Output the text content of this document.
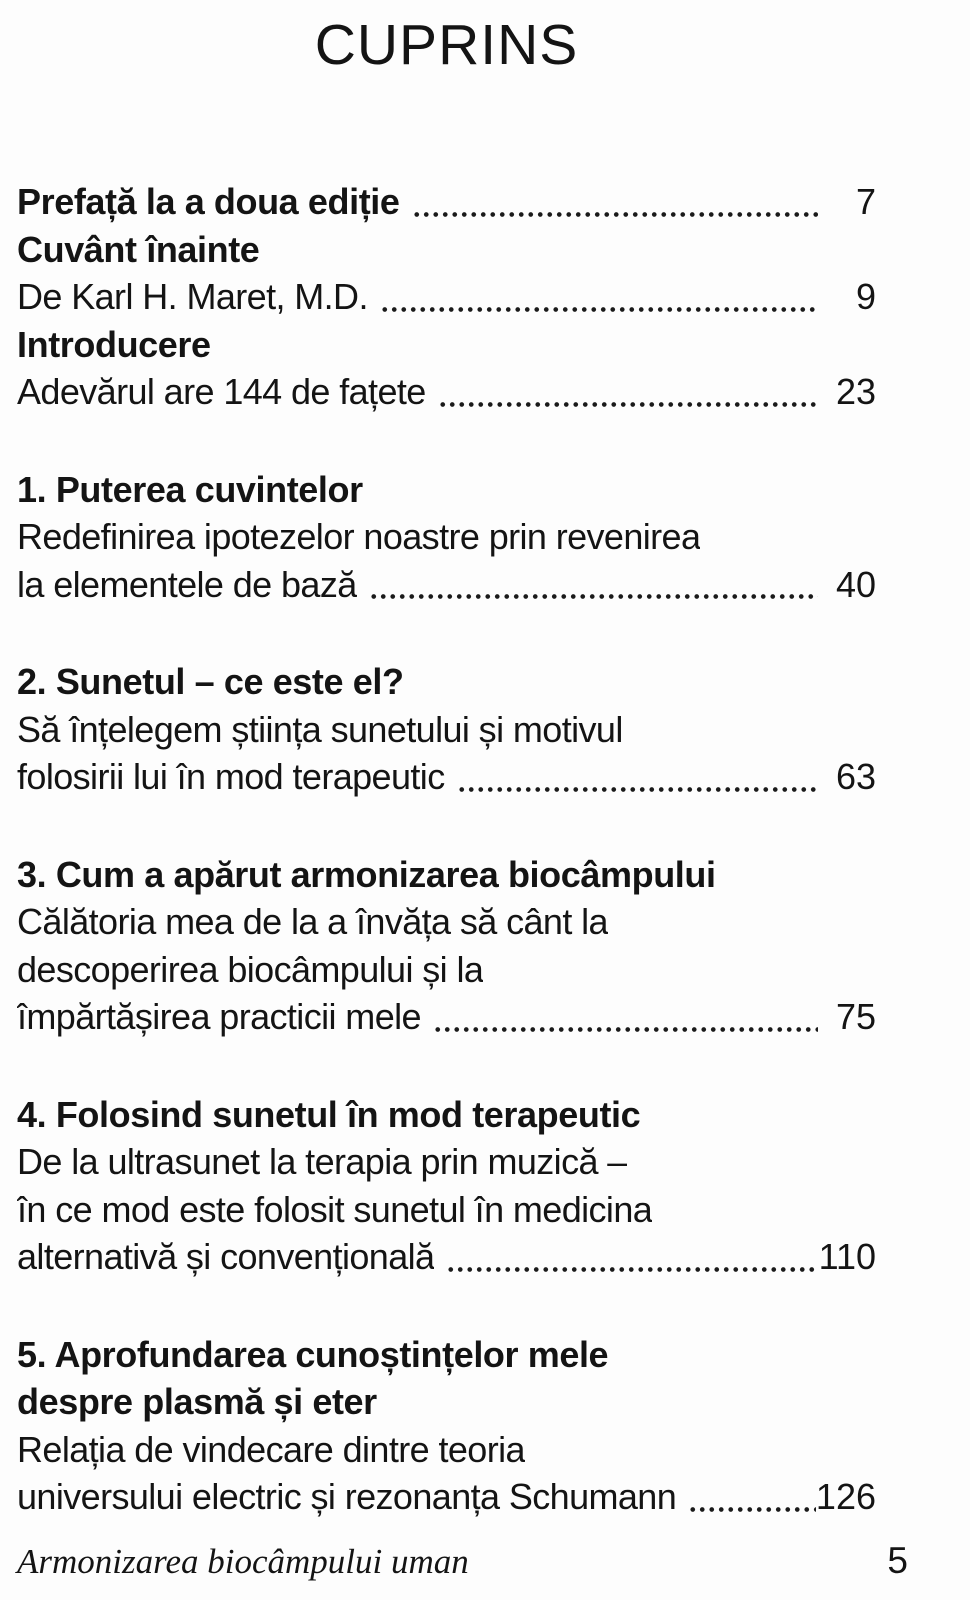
CUPRINS
Prefață la a doua ediție	7
Cuvânt înainte
De Karl H. Maret, M.D.	9
Introducere
Adevărul are 144 de fațete	23
1. Puterea cuvintelor
Redefinirea ipotezelor noastre prin revenirea
la elementele de bază	40
2. Sunetul – ce este el?
Să înțelegem știința sunetului și motivul
folosirii lui în mod terapeutic	63
3. Cum a apărut armonizarea biocâmpului
Călătoria mea de la a învăța să cânt la
descoperirea biocâmpului și la
împărtășirea practicii mele	75
4. Folosind sunetul în mod terapeutic
De la ultrasunet la terapia prin muzică –
în ce mod este folosit sunetul în medicina
alternativă și convențională	110
5. Aprofundarea cunoștințelor mele
despre plasmă și eter
Relația de vindecare dintre teoria
universului electric și rezonanța Schumann	126
Armonizarea biocâmpului uman	5
